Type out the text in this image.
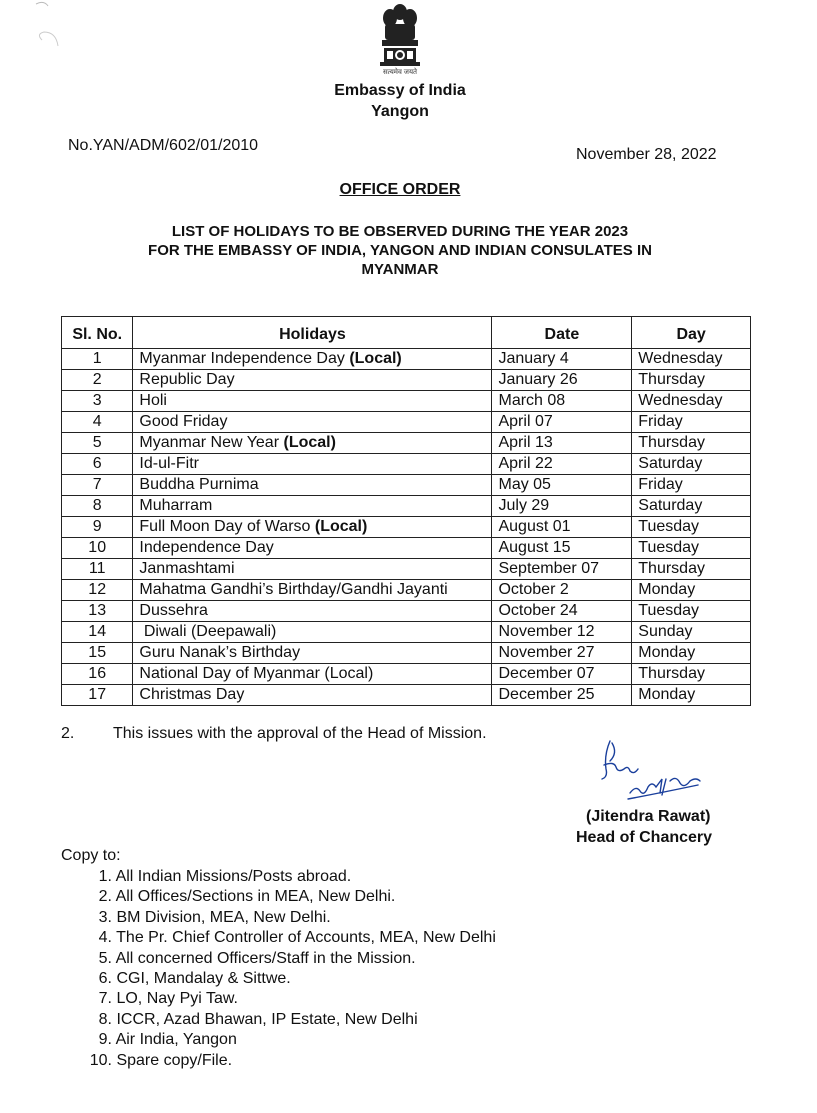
सत्यमेव जयते
Embassy of India
Yangon
No.YAN/ADM/602/01/2010
November 28, 2022
OFFICE ORDER
LIST OF HOLIDAYS TO BE OBSERVED DURING THE YEAR 2023
FOR THE EMBASSY OF INDIA, YANGON AND INDIAN CONSULATES IN
MYANMAR
Sl. No.	Holidays	Date	Day
1	Myanmar Independence Day (Local)	January 4	Wednesday
2	Republic Day	January 26	Thursday
3	Holi	March 08	Wednesday
4	Good Friday	April 07	Friday
5	Myanmar New Year (Local)	April 13	Thursday
6	Id-ul-Fitr	April 22	Saturday
7	Buddha Purnima	May 05	Friday
8	Muharram	July 29	Saturday
9	Full Moon Day of Warso (Local)	August 01	Tuesday
10	Independence Day	August 15	Tuesday
11	Janmashtami	September 07	Thursday
12	Mahatma Gandhi’s Birthday/Gandhi Jayanti	October 2	Monday
13	Dussehra	October 24	Tuesday
14	Diwali (Deepawali)	November 12	Sunday
15	Guru Nanak’s Birthday	November 27	Monday
16	National Day of Myanmar (Local)	December 07	Thursday
17	Christmas Day	December 25	Monday
2. This issues with the approval of the Head of Mission.
(Jitendra Rawat)
Head of Chancery
Copy to:
1. All Indian Missions/Posts abroad.
2. All Offices/Sections in MEA, New Delhi.
3. BM Division, MEA, New Delhi.
4. The Pr. Chief Controller of Accounts, MEA, New Delhi
5. All concerned Officers/Staff in the Mission.
6. CGI, Mandalay & Sittwe.
7. LO, Nay Pyi Taw.
8. ICCR, Azad Bhawan, IP Estate, New Delhi
9. Air India, Yangon
10. Spare copy/File.
